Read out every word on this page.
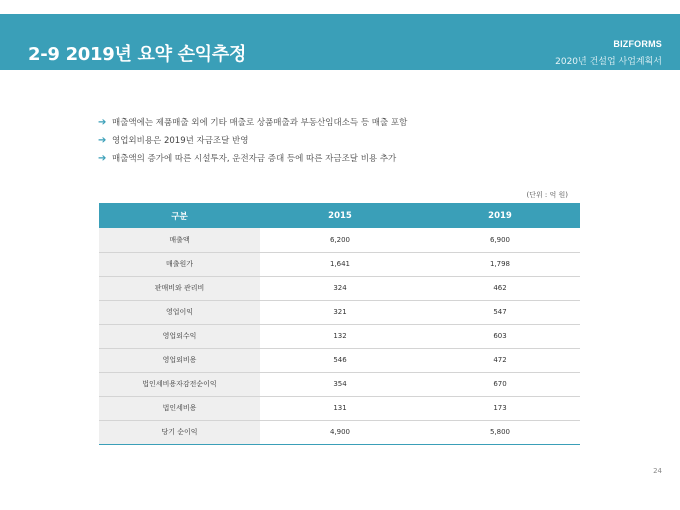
2-9 2019년 요약 손익추정	BIZFORMS
2020년 건설업 사업계획서
➔ 매출액에는 제품매출 외에 기타 매출로 상품매출과 부동산임대소득 등 매출 포함
➔ 영업외비용은 2019년 자금조달 반영
➔ 매출액의 증가에 따른 시설투자, 운전자금 증대 등에 따른 자금조달 비용 추가
(단위 : 억 원)
구분	2015	2019
매출액	6,200	6,900
매출원가	1,641	1,798
판매비와 관리비	324	462
영업이익	321	547
영업외수익	132	603
영업외비용	546	472
법인세비용자감전순이익	354	670
법인세비용	131	173
당기 순이익	4,900	5,800
24
